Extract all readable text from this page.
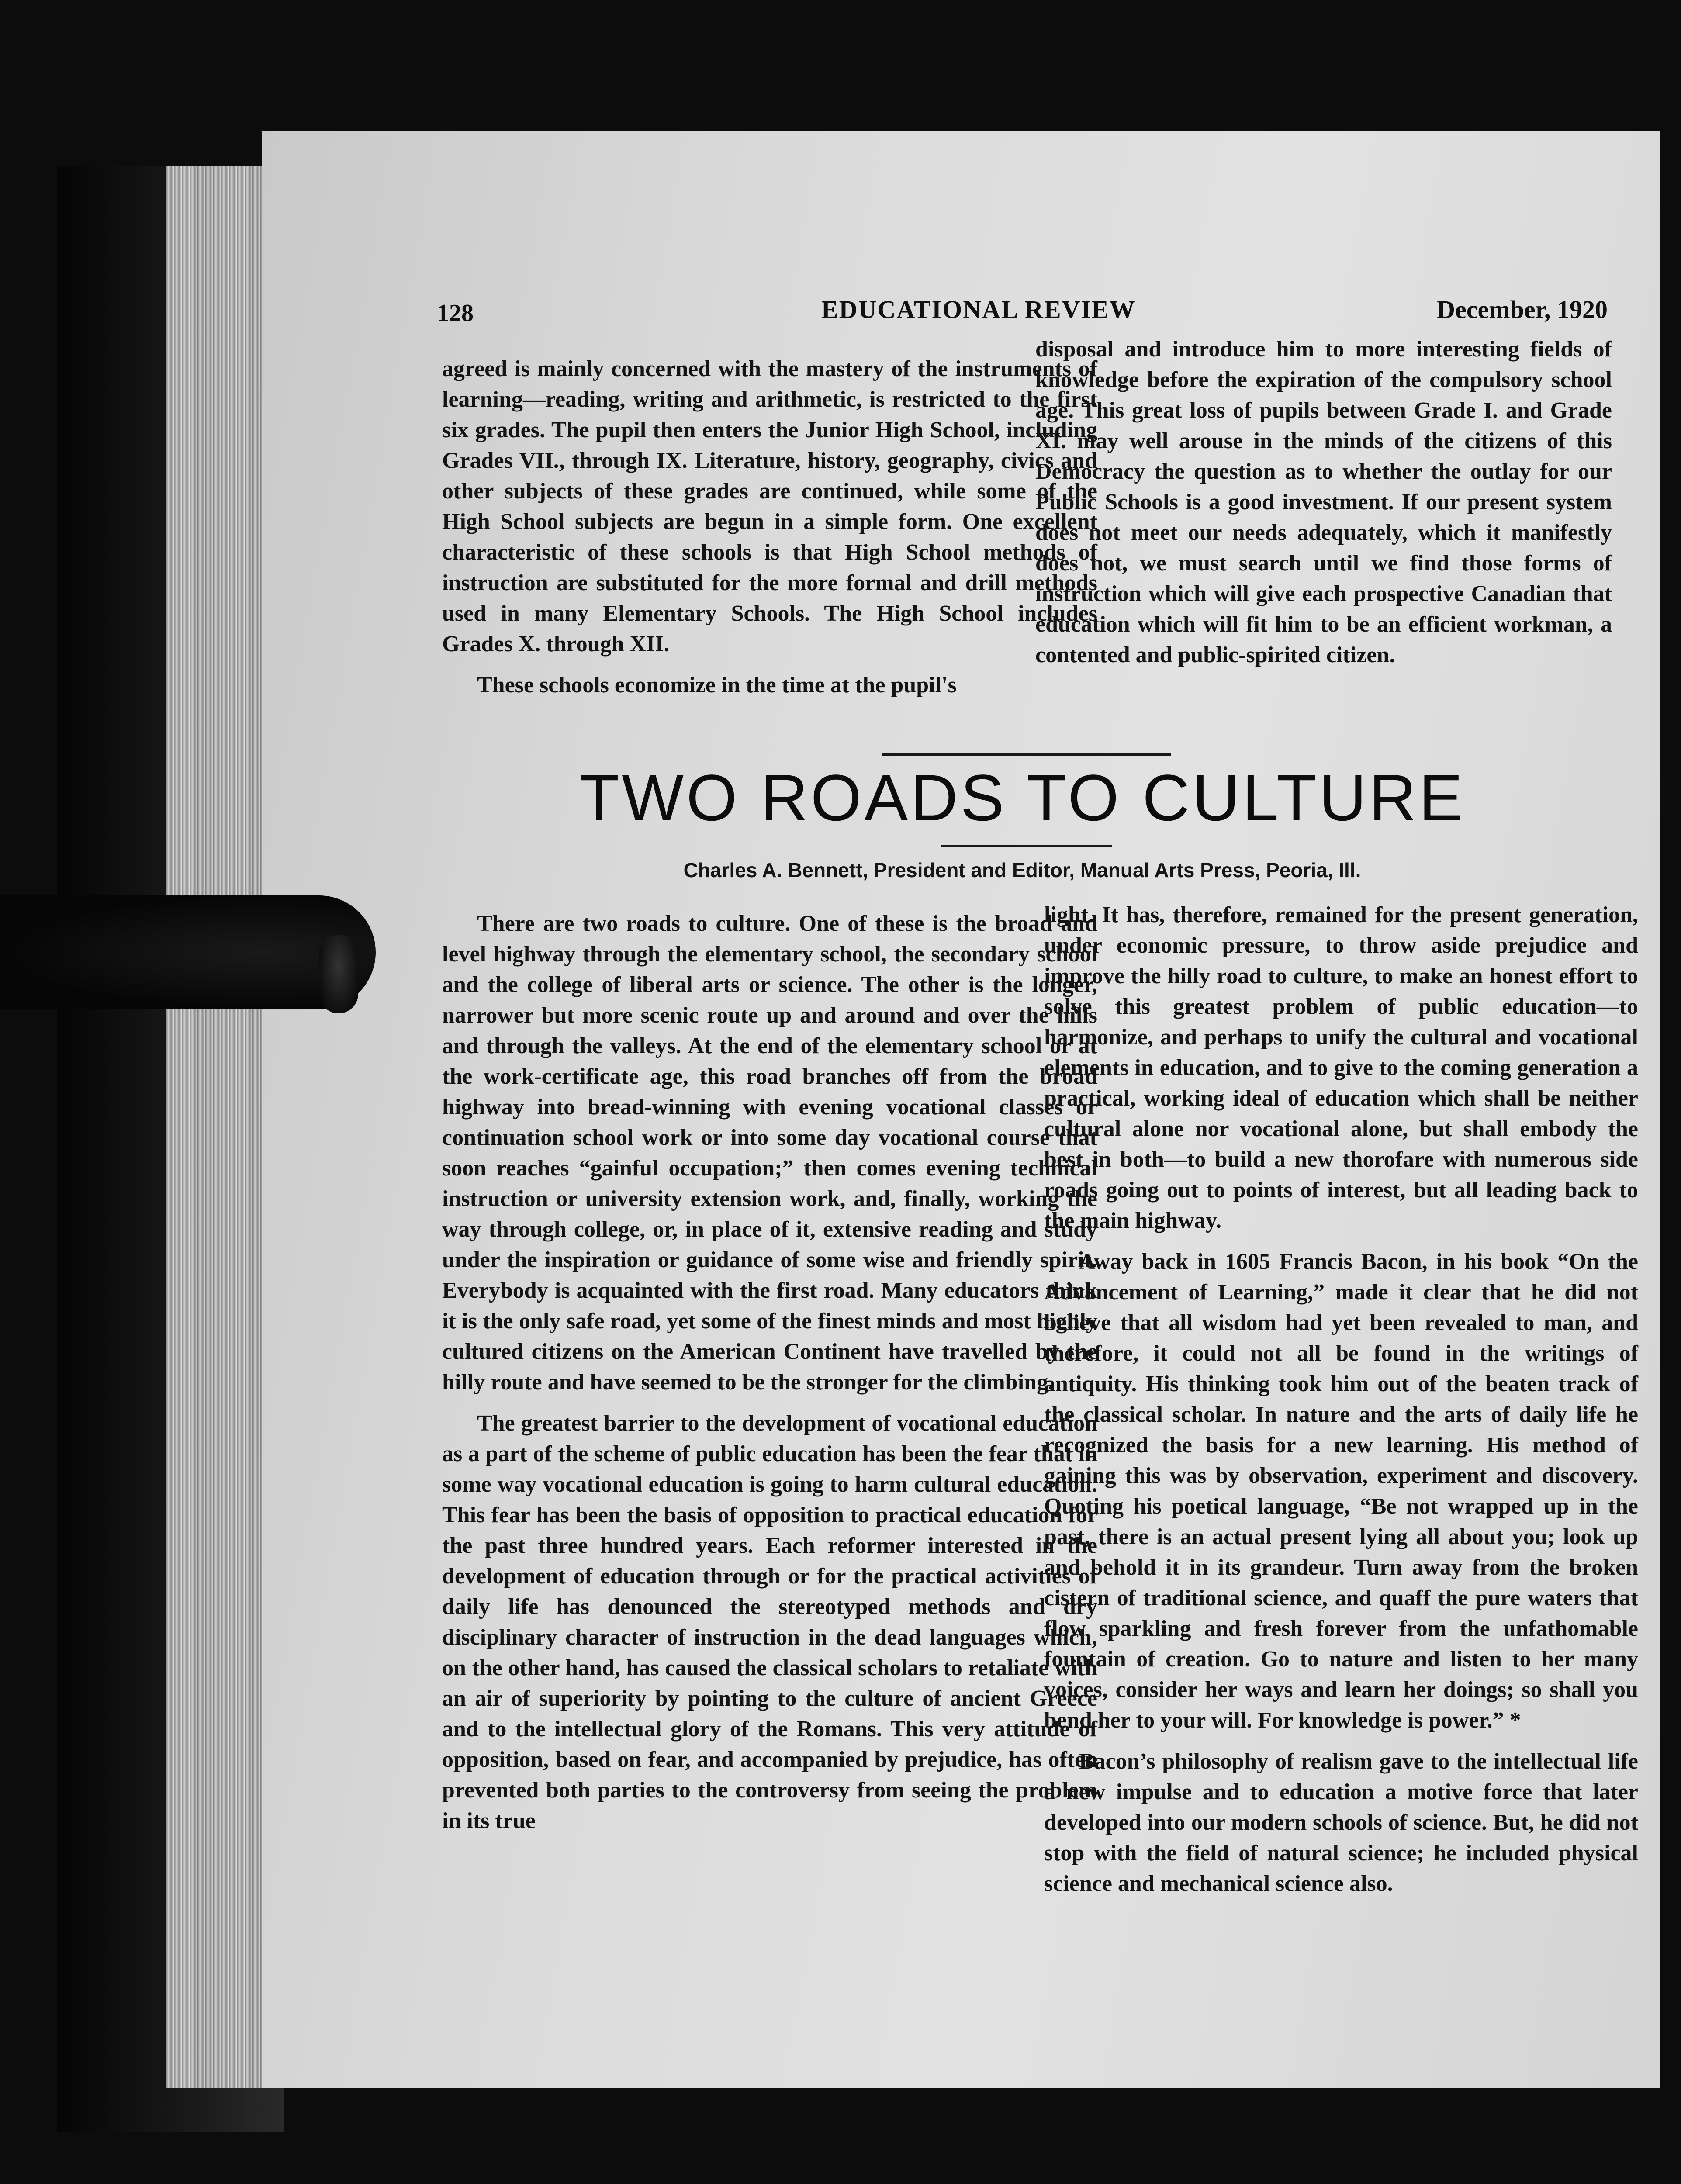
128	EDUCATIONAL REVIEW	December, 1920

agreed is mainly concerned with the mastery of the instruments of learning—reading, writing and arithmetic, is restricted to the first six grades. The pupil then enters the Junior High School, including Grades VII., through IX. Literature, history, geography, civics and other subjects of these grades are continued, while some of the High School subjects are begun in a simple form. One excellent characteristic of these schools is that High School methods of instruction are substituted for the more formal and drill methods used in many Elementary Schools. The High School includes Grades X. through XII.

These schools economize in the time at the pupil's

disposal and introduce him to more interesting fields of knowledge before the expiration of the compulsory school age. This great loss of pupils between Grade I. and Grade XI. may well arouse in the minds of the citizens of this Democracy the question as to whether the outlay for our Public Schools is a good investment. If our present system does not meet our needs adequately, which it manifestly does not, we must search until we find those forms of instruction which will give each prospective Canadian that education which will fit him to be an efficient workman, a contented and public-spirited citizen.

TWO ROADS TO CULTURE
Charles A. Bennett, President and Editor, Manual Arts Press, Peoria, Ill.

There are two roads to culture. One of these is the broad and level highway through the elementary school, the secondary school and the college of liberal arts or science. The other is the longer, narrower but more scenic route up and around and over the hills and through the valleys. At the end of the elementary school or at the work-certificate age, this road branches off from the broad highway into bread-winning with evening vocational classes or continuation school work or into some day vocational course that soon reaches “gainful occupation;” then comes evening technical instruction or university extension work, and, finally, working the way through college, or, in place of it, extensive reading and study under the inspiration or guidance of some wise and friendly spirit. Everybody is acquainted with the first road. Many educators think it is the only safe road, yet some of the finest minds and most highly cultured citizens on the American Continent have travelled by the hilly route and have seemed to be the stronger for the climbing.

The greatest barrier to the development of vocational education as a part of the scheme of public education has been the fear that in some way vocational education is going to harm cultural education. This fear has been the basis of opposition to practical education for the past three hundred years. Each reformer interested in the development of education through or for the practical activities of daily life has denounced the stereotyped methods and dry disciplinary character of instruction in the dead languages which, on the other hand, has caused the classical scholars to retaliate with an air of superiority by pointing to the culture of ancient Greece and to the intellectual glory of the Romans. This very attitude of opposition, based on fear, and accompanied by prejudice, has often prevented both parties to the controversy from seeing the problem in its true

light. It has, therefore, remained for the present generation, under economic pressure, to throw aside prejudice and improve the hilly road to culture, to make an honest effort to solve this greatest problem of public education—to harmonize, and perhaps to unify the cultural and vocational elements in education, and to give to the coming generation a practical, working ideal of education which shall be neither cultural alone nor vocational alone, but shall embody the best in both—to build a new thorofare with numerous side roads going out to points of interest, but all leading back to the main highway.

Away back in 1605 Francis Bacon, in his book “On the Advancement of Learning,” made it clear that he did not believe that all wisdom had yet been revealed to man, and therefore, it could not all be found in the writings of antiquity. His thinking took him out of the beaten track of the classical scholar. In nature and the arts of daily life he recognized the basis for a new learning. His method of gaining this was by observation, experiment and discovery. Quoting his poetical language, “Be not wrapped up in the past, there is an actual present lying all about you; look up and behold it in its grandeur. Turn away from the broken cistern of traditional science, and quaff the pure waters that flow sparkling and fresh forever from the unfathomable fountain of creation. Go to nature and listen to her many voices, consider her ways and learn her doings; so shall you bend her to your will. For knowledge is power.” *

Bacon’s philosophy of realism gave to the intellectual life a new impulse and to education a motive force that later developed into our modern schools of science. But, he did not stop with the field of natural science; he included physical science and mechanical science also.
